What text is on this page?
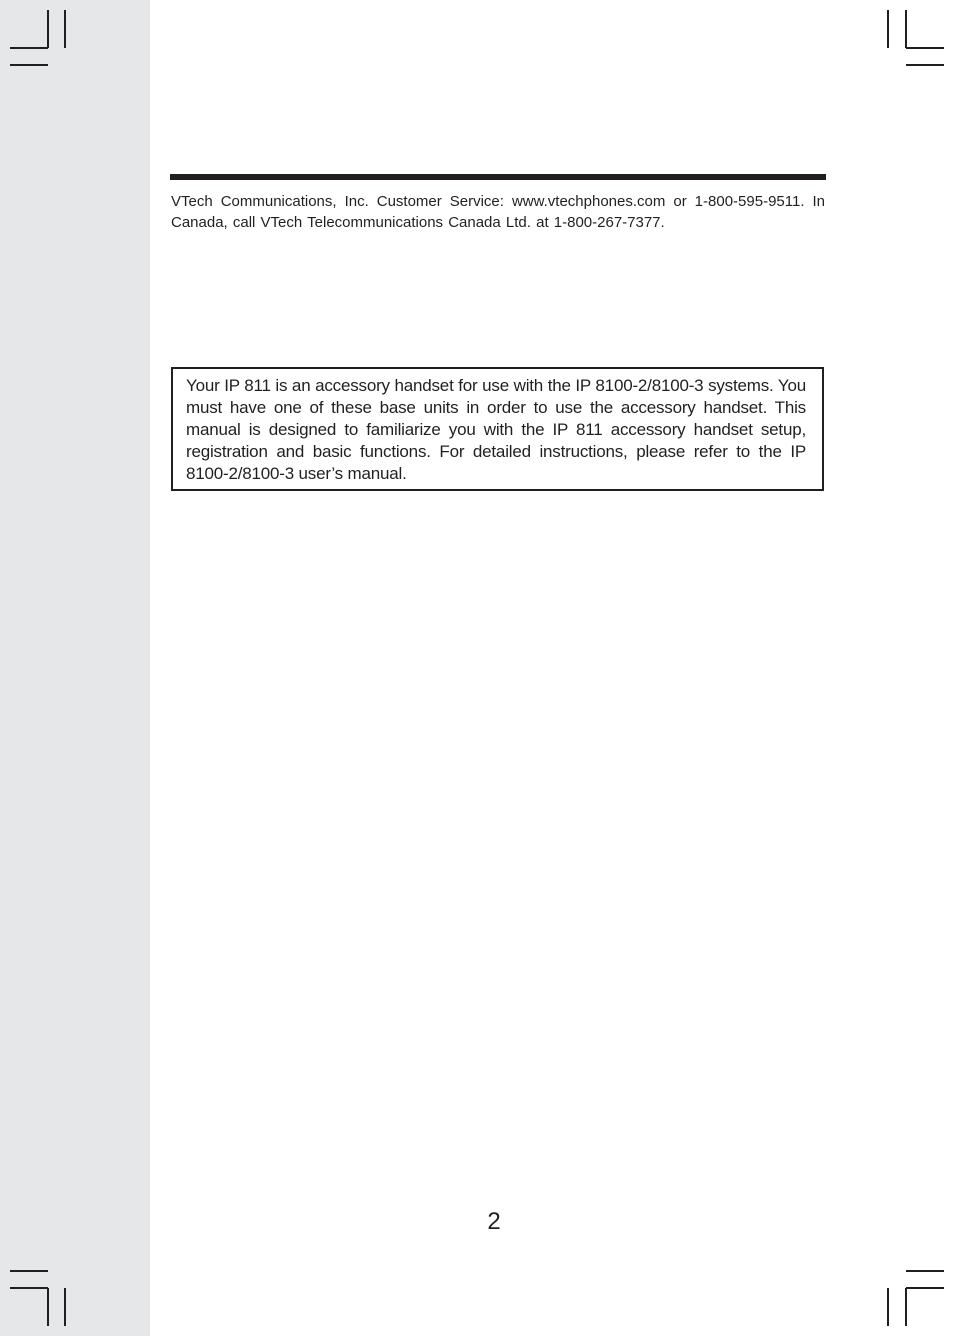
VTech Communications, Inc. Customer Service: www.vtechphones.com or 1-800-595-9511. In Canada, call VTech Telecommunications Canada Ltd. at 1-800-267-7377.

Your IP 811 is an accessory handset for use with the IP 8100-2/8100-3 systems. You must have one of these base units in order to use the accessory handset. This manual is designed to familiarize you with the IP 811 accessory handset setup, registration and basic functions. For detailed instructions, please refer to the IP 8100-2/8100-3 user’s manual.

2
